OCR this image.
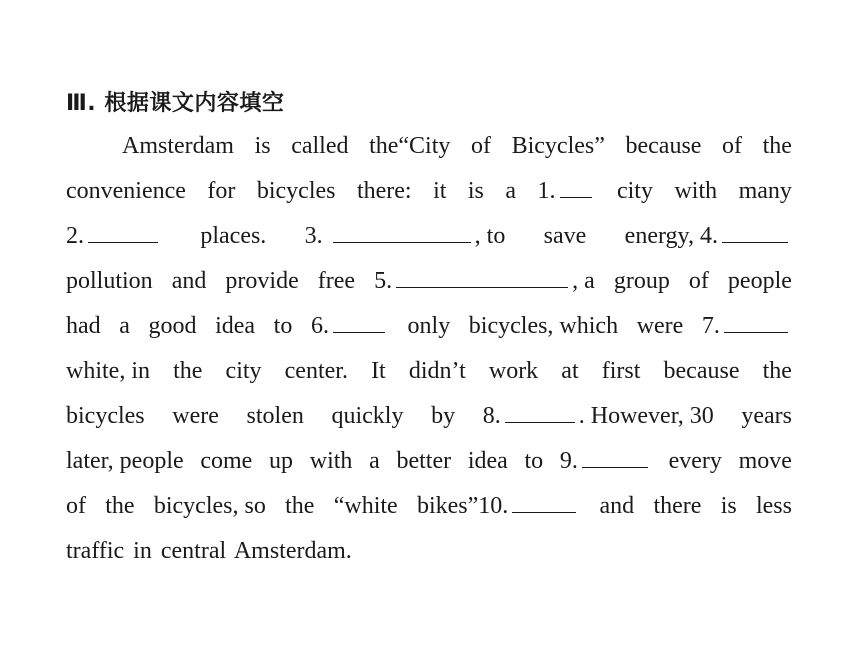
Ⅲ. 根据课文内容填空
Amsterdam is called the“City of Bicycles” because of the
convenience for bicycles there: it is a 1.	city with many
2.	places. 3.	, to save energy, 4.
pollution and provide free 5.	, a group of people
had a good idea to 6.	only bicycles, which were 7.
white, in the city center. It didn’t work at first because the
bicycles were stolen quickly by 8.	. However, 30 years
later, people come up with a better idea to 9.	every move
of the bicycles, so the “white bikes”10.	and there is less
traffic in central Amsterdam.
